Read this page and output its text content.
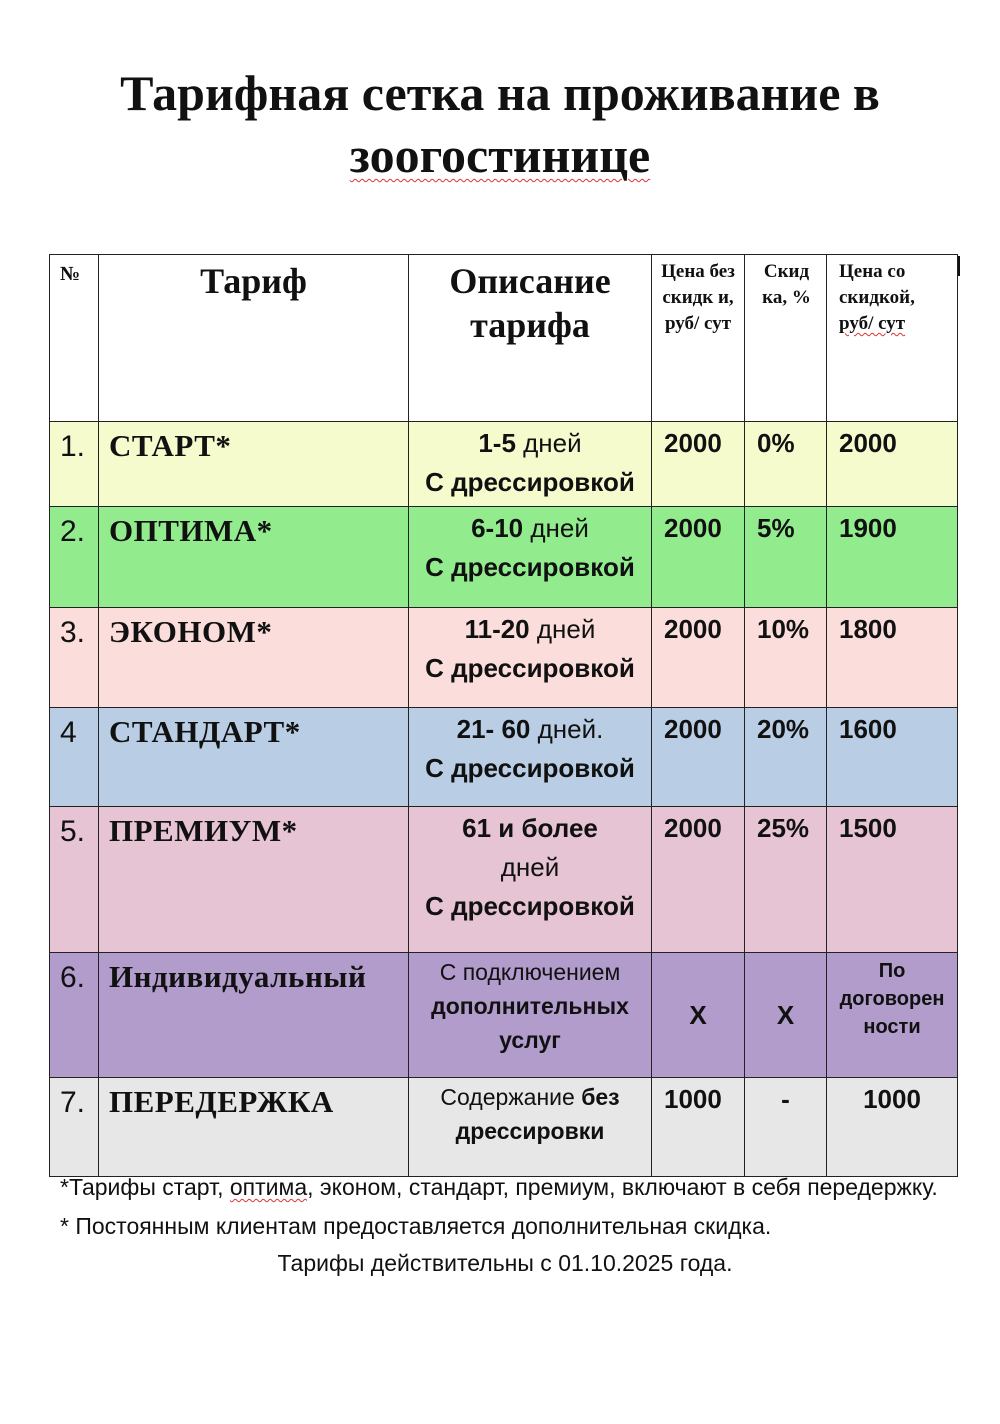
Тарифная сетка на проживание в
зоогостинице
№	Тариф	Описание тарифа	Цена без скидк и, руб/ сут	Скид ка, %	Цена со скидкой,
руб/ сут
1.	СТАРТ*	1-5 дней
С дрессировкой	2000	0%	2000
2.	ОПТИМА*	6-10 дней
С дрессировкой	2000	5%	1900
3.	ЭКОНОМ*	11-20 дней
С дрессировкой	2000	10%	1800
4	СТАНДАРТ*	21- 60 дней.
С дрессировкой	2000	20%	1600
5.	ПРЕМИУМ*	61 и более
дней
С дрессировкой	2000	25%	1500
6.	Индивидуальный	С подключением
дополнительных
услуг	Х	Х	По договорен ности
7.	ПЕРЕДЕРЖКА	Содержание без
дрессировки	1000	-	1000

*Тарифы старт, оптима, эконом, стандарт, премиум, включают в себя передержку.

* Постоянным клиентам предоставляется дополнительная скидка.

Тарифы действительны с 01.10.2025 года.
